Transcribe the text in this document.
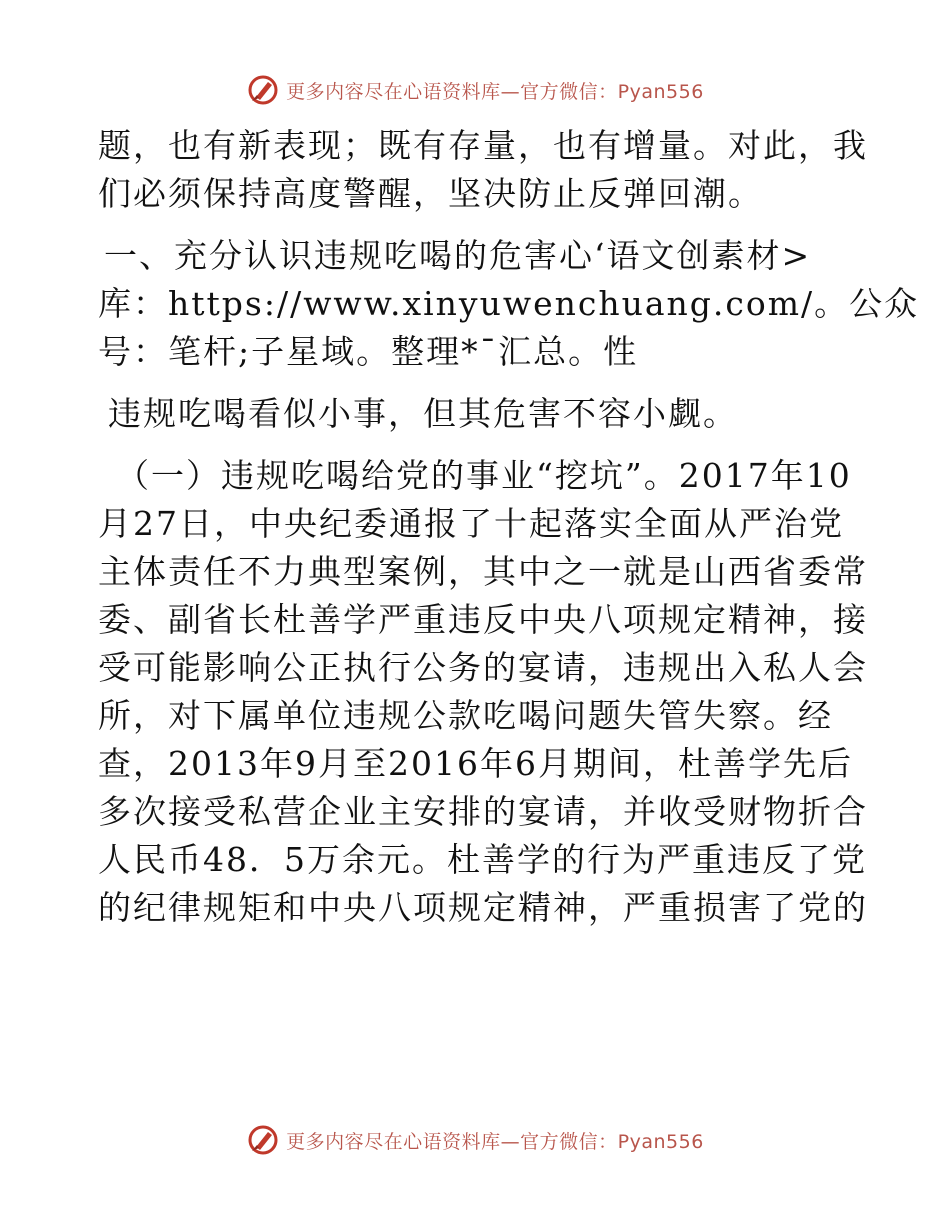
更多内容尽在心语资料库—官方微信：Pyan556
题，也有新表现；既有存量，也有增量。对此，我
们必须保持高度警醒，坚决防止反弹回潮。
一、充分认识违规吃喝的危害心‘语文创素材>
库：https://www.xinyuwenchuang.com/。公众
号：笔杆;子星域。整理*¯汇总。性
违规吃喝看似小事，但其危害不容小觑。
（一）违规吃喝给党的事业“挖坑”。2017年10
月27日，中央纪委通报了十起落实全面从严治党
主体责任不力典型案例，其中之一就是山西省委常
委、副省长杜善学严重违反中央八项规定精神，接
受可能影响公正执行公务的宴请，违规出入私人会
所，对下属单位违规公款吃喝问题失管失察。经
查，2013年9月至2016年6月期间，杜善学先后
多次接受私营企业主安排的宴请，并收受财物折合
人民币48．5万余元。杜善学的行为严重违反了党
的纪律规矩和中央八项规定精神，严重损害了党的
更多内容尽在心语资料库—官方微信：Pyan556
